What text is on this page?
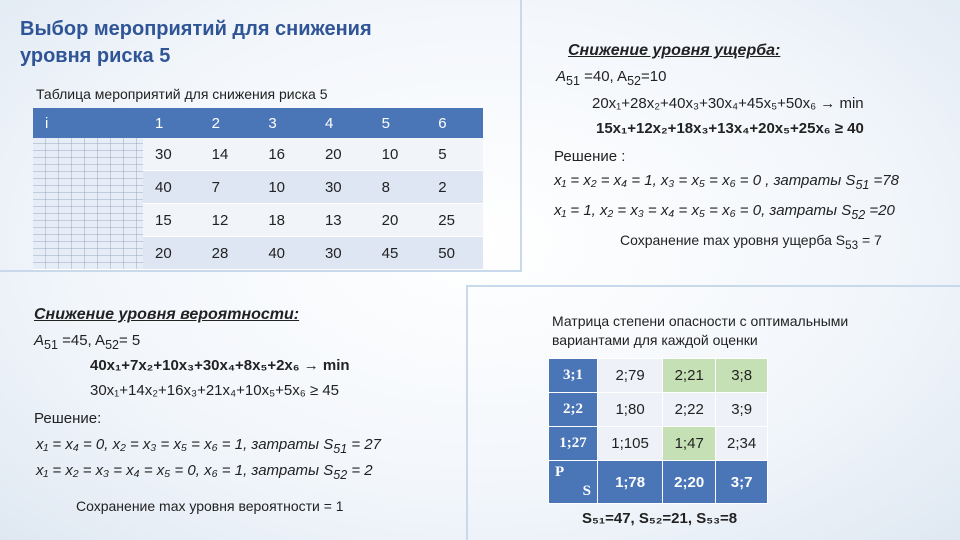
Выбор мероприятий для снижения уровня риска 5
Таблица мероприятий для снижения риска 5
i	1	2	3	4	5	6

	30	14	16	20	10	5
	40	7	10	30	8	2
	15	12	18	13	20	25
	20	28	40	30	45	50
Снижение уровня ущерба:
$A_{51} =40$, $A_{52}=10$
20x₁+28x₂+40x₃+30x₄+45x₅+50x₆ → min
15x₁+12x₂+18x₃+13x₄+20x₅+25x₆ ≥ 40
Решение :
x₁ = x₂ = x₄ = 1, x₃ = x₅ = x₆ = 0 , затраты $S_{51} =78$
x₁ = 1, x₂ = x₃ = x₄ = x₅ = x₆ = 0, затраты $S_{52} =20$
Сохранение max уровня ущерба $S_{53} = 7$
Снижение уровня вероятности:
$A_{51} =45$, $A_{52}= 5$
40x₁+7x₂+10x₃+30x₄+8x₅+2x₆ → min
30x₁+14x₂+16x₃+21x₄+10x₅+5x₆ ≥ 45
Решение:
x₁ = x₄ = 0, x₂ = x₃ = x₅ = x₆ = 1, затраты $S_{51} = 27$
x₁ = x₂ = x₃ = x₄ = x₅ = 0, x₆ = 1, затраты $S_{52} = 2$
Сохранение max уровня вероятности = 1
Матрица степени опасности с оптимальными вариантами для каждой оценки
3;1	2;79	2;21	3;8
2;2	1;80	2;22	3;9
1;27	1;105	1;47	2;34

P
S	1;78	2;20	3;7
S₅₁=47, S₅₂=21, S₅₃=8
